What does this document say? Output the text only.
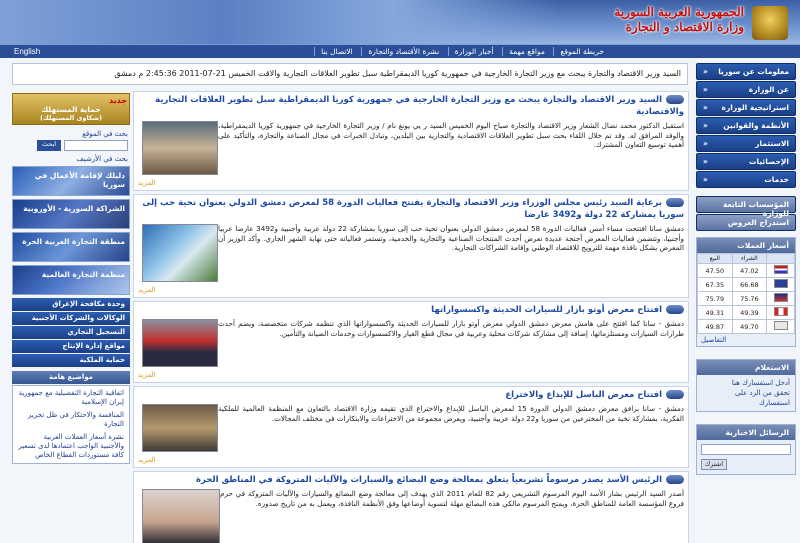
الجمهورية العربية السورية
وزارة الاقتصاد و التجارة
English	خريطة الموقع مواقع مهمة أخبار الوزارة نشرة الأقتصاد والتجارة الاتصال بنا
السيد وزير الاقتصاد والتجارة يبحث مع وزير التجارة الخارجية في جمهورية كوريا الديمقراطية سبل تطوير العلاقات التجارية والاقت الخميس 21-07-2011 2:45:36 م دمشق	« معلومات عن سوريا
«	عن الوزارة
« استراتيجية الوزارة
« الأنظمة والقوانين
«	الاستثمار
«	الإحصائيات
«	خدمات
المؤسسات التابعة للوزارة
استدراج العروض
أسعار العملات
البيع	الشراء	
47.50	47.02	
67.35	66.68	
75.79	75.76	
49.31	49.39	
49.87	49.70	
التفاصيل
الاستعلام
أدخل استفسارك هنا
تحقق من الرد على استفسارك
الرسائل الاخبارية
اشترك
جديد
حماية المستهلك
(شكاوى المستهلك)
بحث في الموقع
ابحث
بحث في الأرشيف
دليلك لإقامة الأعمال في سوريا
الشراكة السورية - الأوروبية
منطقة التجارة العربية الحرة
منظمة التجارة العالمية
وحدة مكافحة الإغراق
الوكالات والشركات الأجنبية
التسجيل التجاري
مواقع إدارة الإنتاج
حماية الملكية
مواضيع هامة
اتفاقية التجارة التفضيلية مع جمهورية إيران الإسلامية
المنافسة والاحتكار في ظل تحرير التجارة
نشرة أسعار العملات العربية والأجنبية الواجب اعتمادها لدى تسعير كافة مستوردات القطاع الخاص
السيد وزير الاقتصاد والتجارة يبحث مع وزير التجارة الخارجية في جمهورية كوريا الديمقراطية سبل تطوير العلاقات التجارية والاقتصادية
استقبل الدكتور محمد نضال الشعار وزير الاقتصاد والتجارة صباح اليوم الخميس السيد ر يي يونغ نام / وزير التجارة الخارجية في جمهورية كوريا الديمقراطية، والوفد المرافق له. وقد تم خلال اللقاء بحث سبل تطوير العلاقات الاقتصادية والتجارية بين البلدين، وتبادل الخبرات في مجال الصناعة والتجارة، والتأكيد على أهمية توسيع التعاون المشترك.
المزيد
برعاية السيد رئيس مجلس الوزراء وزير الاقتصاد والتجارة يفتتح فعاليات الدورة 58 لمعرض دمشق الدولي بعنوان تحية حب إلى سوريا بمشاركة 22 دولة و3492 عارضا
دمشق سانا افتتحت مساء أمس فعاليات الدورة 58 لمعرض دمشق الدولي بعنوان تحية حب إلى سوريا بمشاركة 22 دولة عربية وأجنبية و3492 عارضا عربيا وأجنبيا، وتتضمن فعاليات المعرض أجنحة عديدة تعرض أحدث المنتجات الصناعية والتجارية والخدمية، وتستمر فعالياته حتى نهاية الشهر الجاري. وأكد الوزير أن المعرض يشكل نافذة مهمة للترويج للاقتصاد الوطني وإقامة الشراكات التجارية.
المزيد
افتتاح معرض أوتو بازار للسيارات الحديثة واكسسواراتها
دمشق - سانا كما افتتح على هامش معرض دمشق الدولي معرض أوتو بازار للسيارات الحديثة واكسسواراتها الذي تنظمه شركات متخصصة، ويضم أحدث طرازات السيارات ومستلزماتها، إضافة إلى مشاركة شركات محلية وعربية في مجال قطع الغيار والاكسسوارات وخدمات الصيانة والتأمين.
المزيد
افتتاح معرض الباسل للإبداع والاختراع
دمشق - سانا برافق معرض دمشق الدولي الدورة 15 لمعرض الباسل للإبداع والاختراع الذي تقيمه وزارة الاقتصاد بالتعاون مع المنظمة العالمية للملكية الفكرية، بمشاركة نخبة من المخترعين من سوريا و22 دولة عربية وأجنبية، ويعرض مجموعة من الاختراعات والابتكارات في مختلف المجالات.
المزيد
الرئيس الأسد يصدر مرسوماً تشريعياً يتعلق بمعالجة وضع البضائع والسيارات والآليات المتروكة في المناطق الحرة
أصدر السيد الرئيس بشار الأسد اليوم المرسوم التشريعي رقم 82 للعام 2011 الذي يهدف إلى معالجة وضع البضائع والسيارات والآليات المتروكة في حرم فروع المؤسسة العامة للمناطق الحرة، ويمنح المرسوم مالكي هذه البضائع مهلة لتسوية أوضاعها وفق الأنظمة النافذة، ويعمل به من تاريخ صدوره.
